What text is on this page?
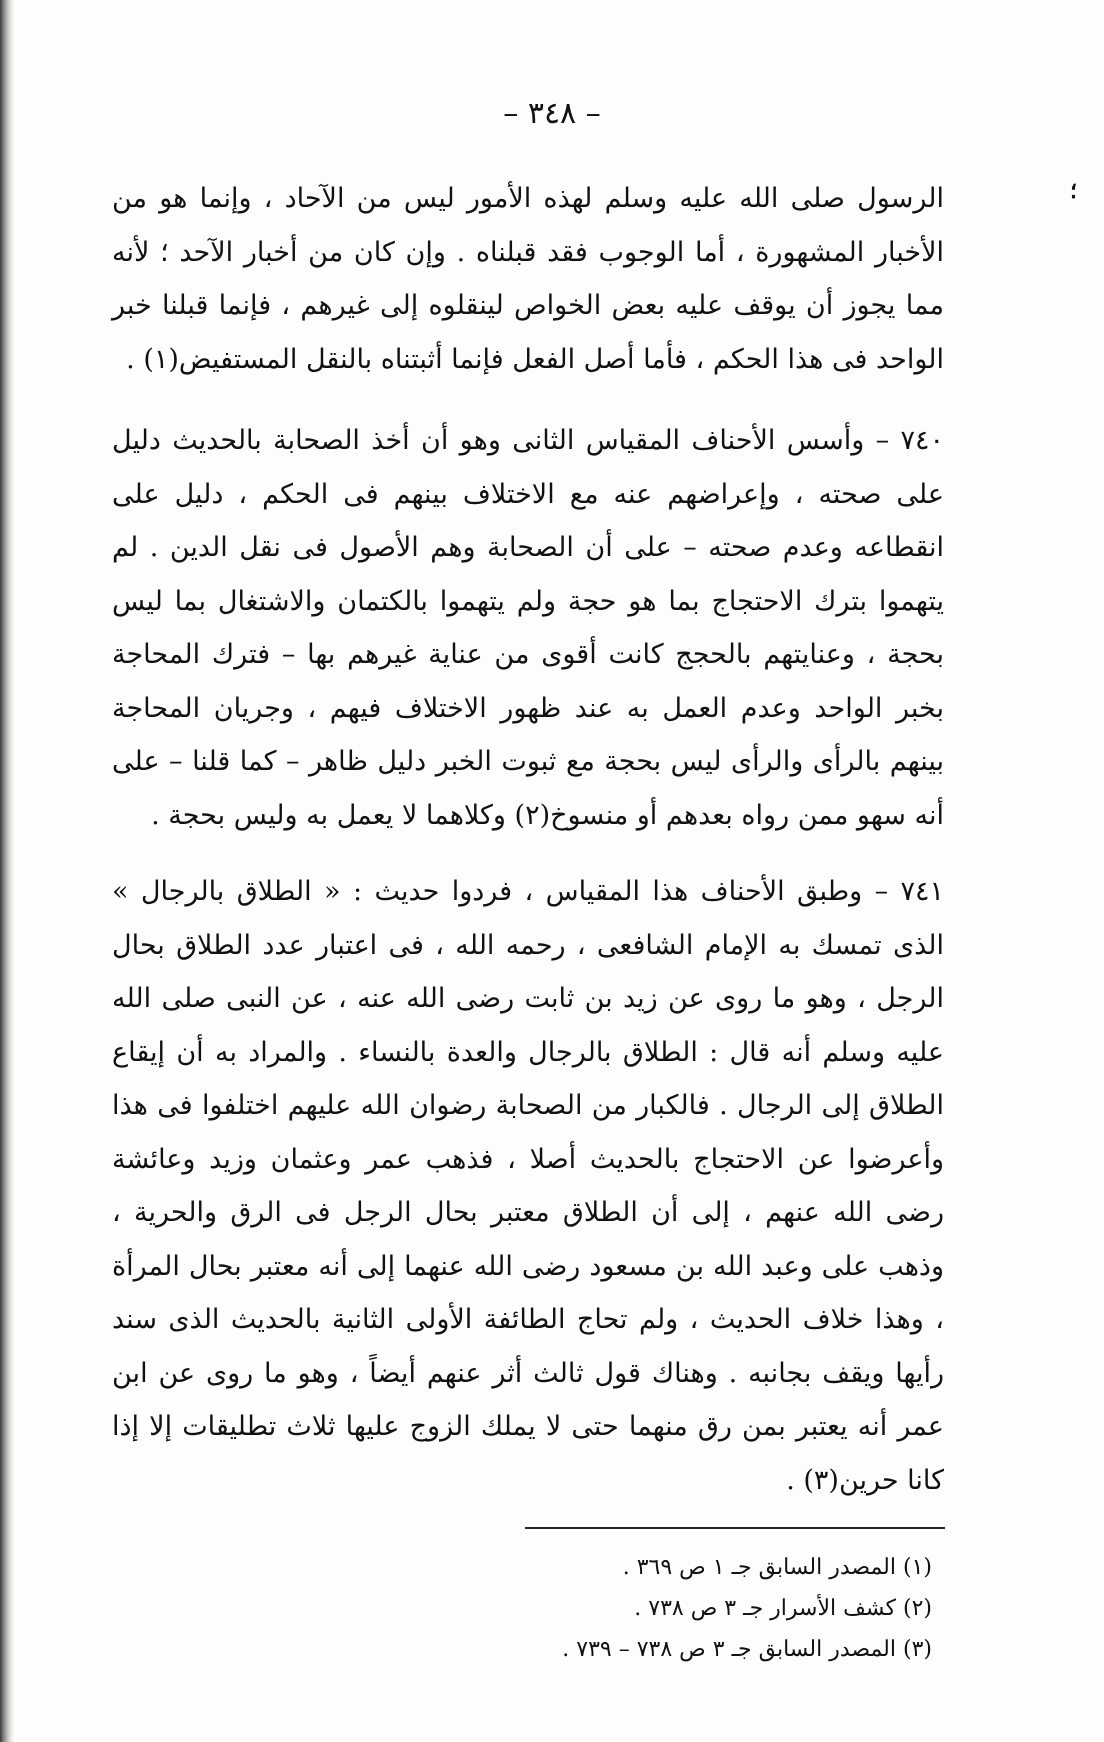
– ٣٤٨ –
؛

الرسول صلى الله عليه وسلم لهذه الأمور ليس من الآحاد ، وإنما هو من الأخبار المشهورة ، أما الوجوب فقد قبلناه . وإن كان من أخبار الآحد ؛ لأنه مما يجوز أن يوقف عليه بعض الخواص لينقلوه إلى غيرهم ، فإنما قبلنا خبر الواحد فى هذا الحكم ، فأما أصل الفعل فإنما أثبتناه بالنقل المستفيض(١) .

٧٤٠ – وأسس الأحناف المقياس الثانى وهو أن أخذ الصحابة بالحديث دليل على صحته ، وإعراضهم عنه مع الاختلاف بينهم فى الحكم ، دليل على انقطاعه وعدم صحته – على أن الصحابة وهم الأصول فى نقل الدين . لم يتهموا بترك الاحتجاج بما هو حجة ولم يتهموا بالكتمان والاشتغال بما ليس بحجة ، وعنايتهم بالحجج كانت أقوى من عناية غيرهم بها – فترك المحاجة بخبر الواحد وعدم العمل به عند ظهور الاختلاف فيهم ، وجريان المحاجة بينهم بالرأى والرأى ليس بحجة مع ثبوت الخبر دليل ظاهر – كما قلنا – على أنه سهو ممن رواه بعدهم أو منسوخ(٢) وكلاهما لا يعمل به وليس بحجة .

٧٤١ – وطبق الأحناف هذا المقياس ، فردوا حديث : « الطلاق بالرجال » الذى تمسك به الإمام الشافعى ، رحمه الله ، فى اعتبار عدد الطلاق بحال الرجل ، وهو ما روى عن زيد بن ثابت رضى الله عنه ، عن النبى صلى الله عليه وسلم أنه قال : الطلاق بالرجال والعدة بالنساء . والمراد به أن إيقاع الطلاق إلى الرجال . فالكبار من الصحابة رضوان الله عليهم اختلفوا فى هذا وأعرضوا عن الاحتجاج بالحديث أصلا ، فذهب عمر وعثمان وزيد وعائشة رضى الله عنهم ، إلى أن الطلاق معتبر بحال الرجل فى الرق والحرية ، وذهب على وعبد الله بن مسعود رضى الله عنهما إلى أنه معتبر بحال المرأة ، وهذا خلاف الحديث ، ولم تحاج الطائفة الأولى الثانية بالحديث الذى سند رأيها ويقف بجانبه . وهناك قول ثالث أثر عنهم أيضاً ، وهو ما روى عن ابن عمر أنه يعتبر بمن رق منهما حتى لا يملك الزوج عليها ثلاث تطليقات إلا إذا كانا حرين(٣) .

(١) المصدر السابق جـ ١ ص ٣٦٩ .
(٢) كشف الأسرار جـ ٣ ص ٧٣٨ .
(٣) المصدر السابق جـ ٣ ص ٧٣٨ – ٧٣٩ .
